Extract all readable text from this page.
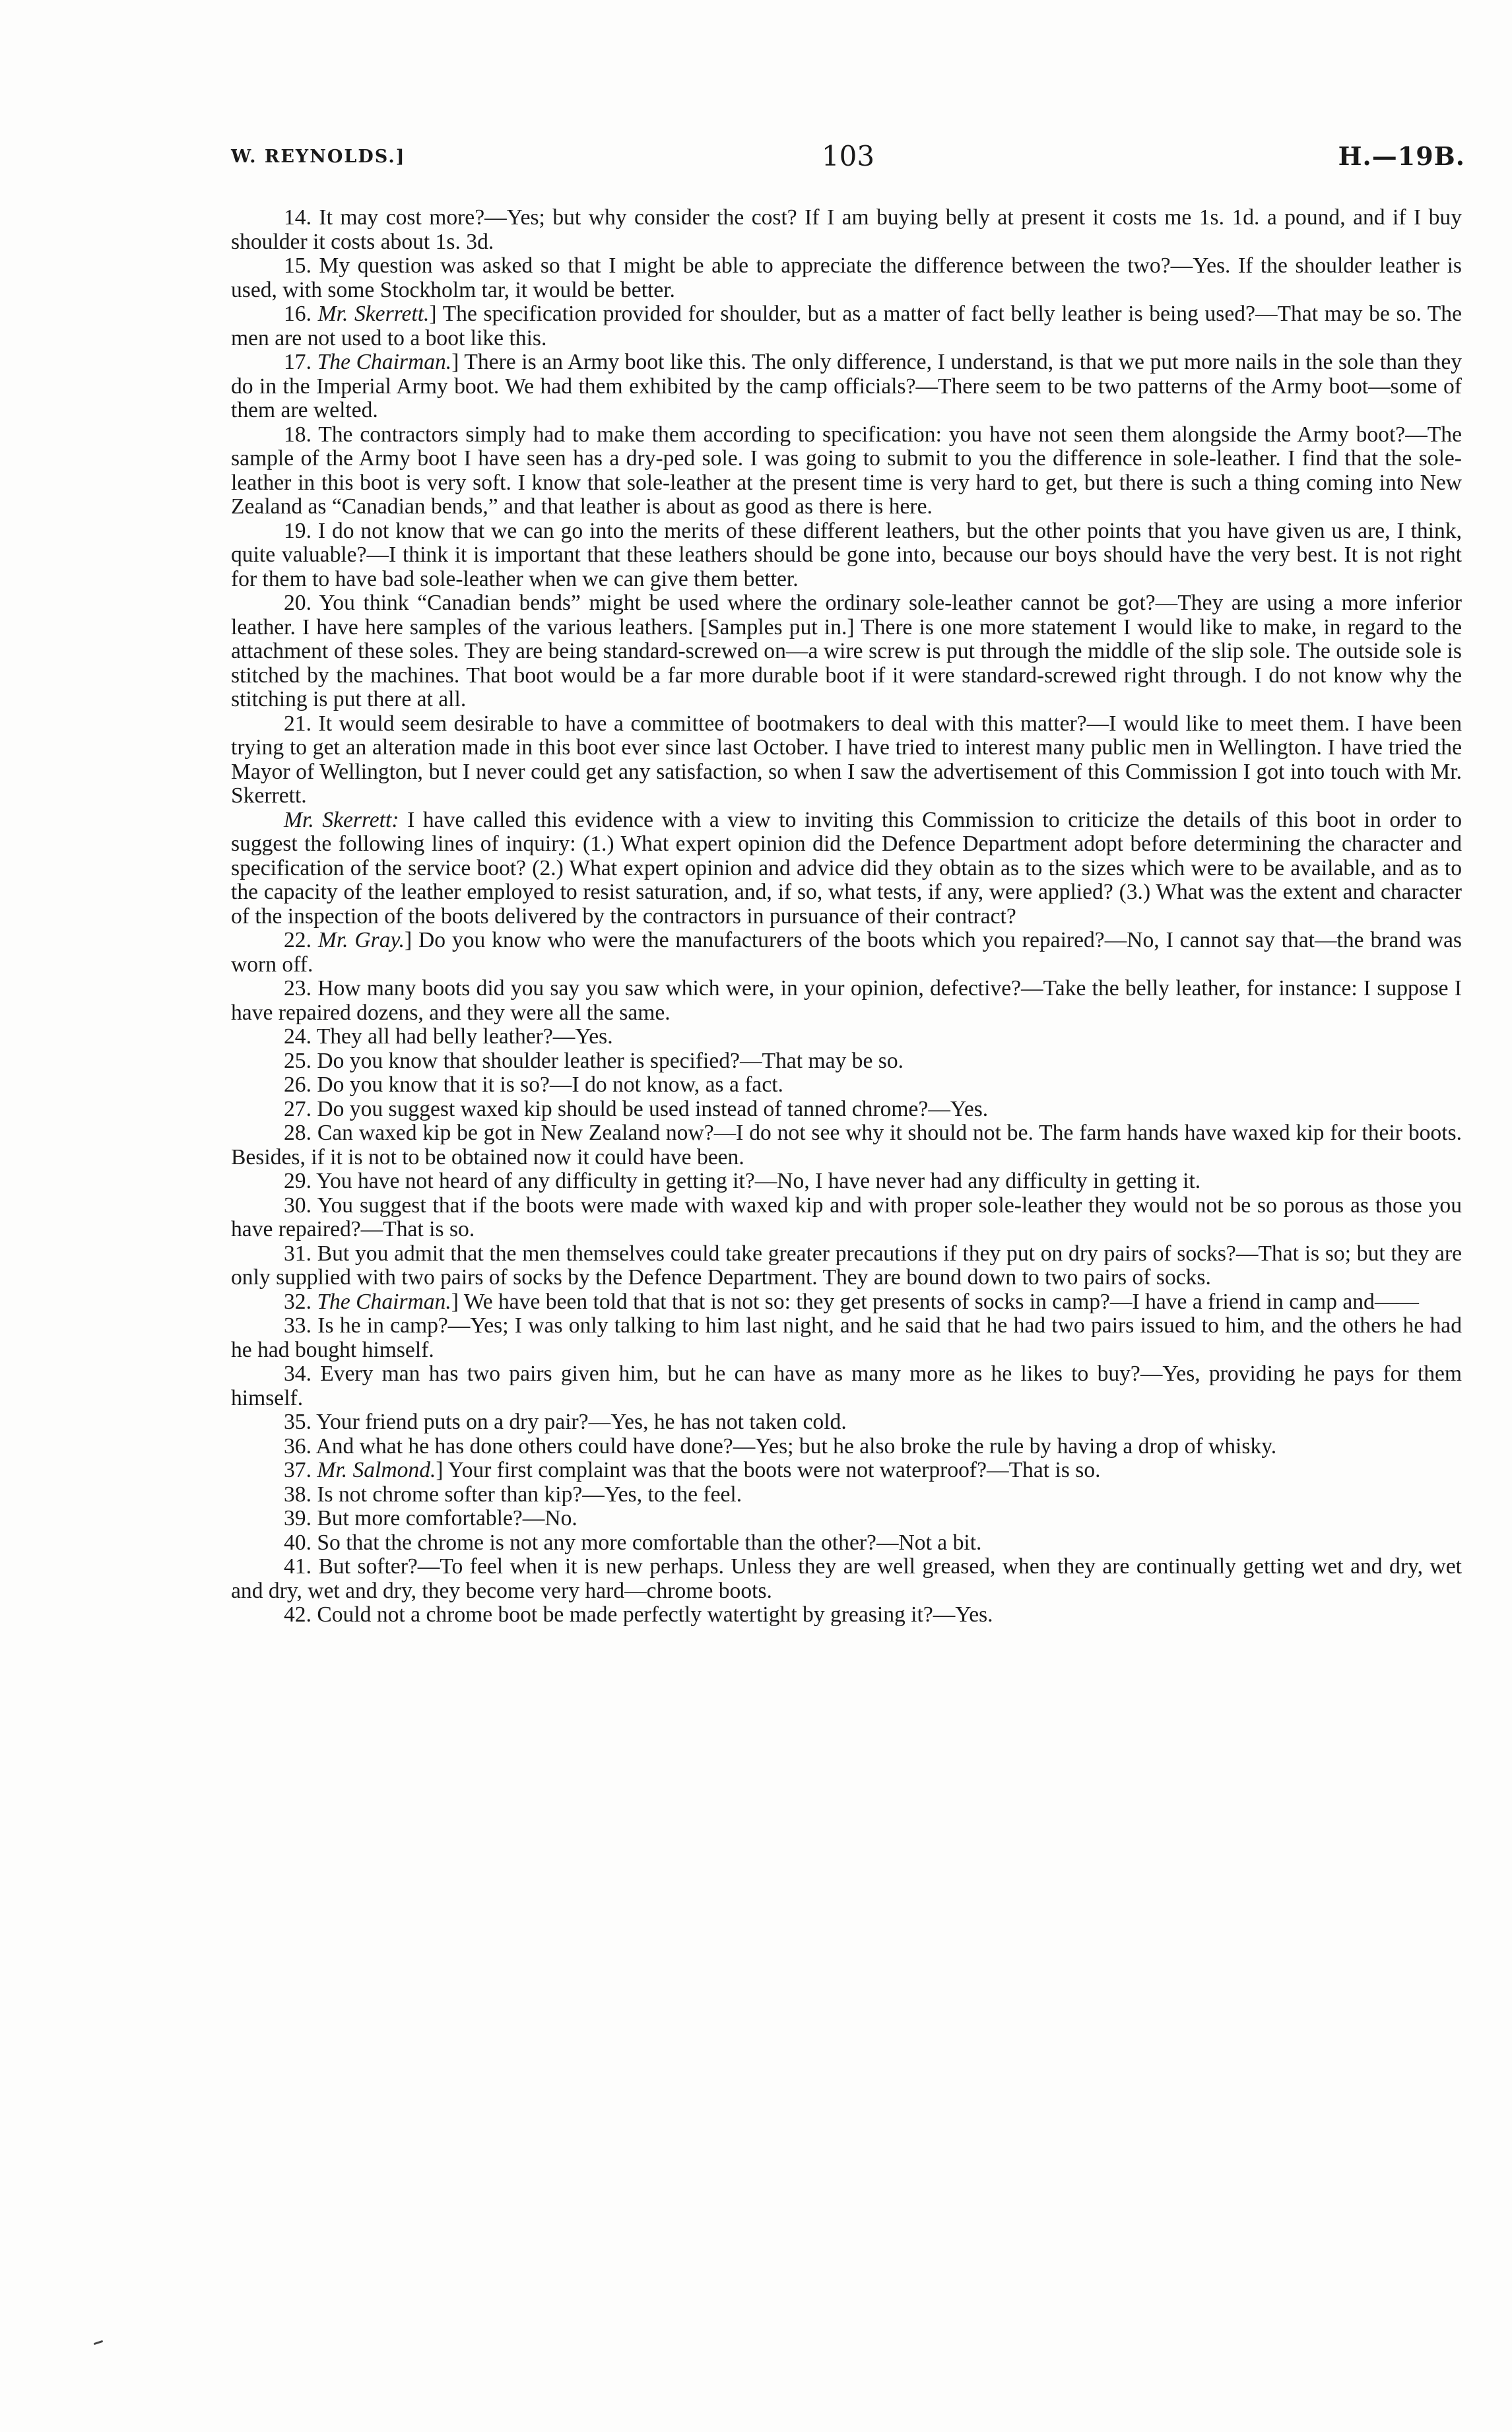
W. REYNOLDS.]	103	H.—19B.

14. It may cost more?—Yes; but why consider the cost? If I am buying belly at present it costs me 1s. 1d. a pound, and if I buy shoulder it costs about 1s. 3d.

15. My question was asked so that I might be able to appreciate the difference between the two?—Yes. If the shoulder leather is used, with some Stockholm tar, it would be better.

16. Mr. Skerrett.] The specification provided for shoulder, but as a matter of fact belly leather is being used?—That may be so. The men are not used to a boot like this.

17. The Chairman.] There is an Army boot like this. The only difference, I understand, is that we put more nails in the sole than they do in the Imperial Army boot. We had them exhibited by the camp officials?—There seem to be two patterns of the Army boot—some of them are welted.

18. The contractors simply had to make them according to specification: you have not seen them alongside the Army boot?—The sample of the Army boot I have seen has a dry-ped sole. I was going to submit to you the difference in sole-leather. I find that the sole-leather in this boot is very soft. I know that sole-leather at the present time is very hard to get, but there is such a thing coming into New Zealand as “Canadian bends,” and that leather is about as good as there is here.

19. I do not know that we can go into the merits of these different leathers, but the other points that you have given us are, I think, quite valuable?—I think it is important that these leathers should be gone into, because our boys should have the very best. It is not right for them to have bad sole-leather when we can give them better.

20. You think “Canadian bends” might be used where the ordinary sole-leather cannot be got?—They are using a more inferior leather. I have here samples of the various leathers. [Samples put in.] There is one more statement I would like to make, in regard to the attachment of these soles. They are being standard-screwed on—a wire screw is put through the middle of the slip sole. The outside sole is stitched by the machines. That boot would be a far more durable boot if it were standard-screwed right through. I do not know why the stitching is put there at all.

21. It would seem desirable to have a committee of bootmakers to deal with this matter?—I would like to meet them. I have been trying to get an alteration made in this boot ever since last October. I have tried to interest many public men in Wellington. I have tried the Mayor of Wellington, but I never could get any satisfaction, so when I saw the advertisement of this Commission I got into touch with Mr. Skerrett.

Mr. Skerrett: I have called this evidence with a view to inviting this Commission to criticize the details of this boot in order to suggest the following lines of inquiry: (1.) What expert opinion did the Defence Department adopt before determining the character and specification of the service boot? (2.) What expert opinion and advice did they obtain as to the sizes which were to be available, and as to the capacity of the leather employed to resist saturation, and, if so, what tests, if any, were applied? (3.) What was the extent and character of the inspection of the boots delivered by the contractors in pursuance of their contract?

22. Mr. Gray.] Do you know who were the manufacturers of the boots which you repaired?—No, I cannot say that—the brand was worn off.

23. How many boots did you say you saw which were, in your opinion, defective?—Take the belly leather, for instance: I suppose I have repaired dozens, and they were all the same.

24. They all had belly leather?—Yes.

25. Do you know that shoulder leather is specified?—That may be so.

26. Do you know that it is so?—I do not know, as a fact.

27. Do you suggest waxed kip should be used instead of tanned chrome?—Yes.

28. Can waxed kip be got in New Zealand now?—I do not see why it should not be. The farm hands have waxed kip for their boots. Besides, if it is not to be obtained now it could have been.

29. You have not heard of any difficulty in getting it?—No, I have never had any difficulty in getting it.

30. You suggest that if the boots were made with waxed kip and with proper sole-leather they would not be so porous as those you have repaired?—That is so.

31. But you admit that the men themselves could take greater precautions if they put on dry pairs of socks?—That is so; but they are only supplied with two pairs of socks by the Defence Department. They are bound down to two pairs of socks.

32. The Chairman.] We have been told that that is not so: they get presents of socks in camp?—I have a friend in camp and——

33. Is he in camp?—Yes; I was only talking to him last night, and he said that he had two pairs issued to him, and the others he had he had bought himself.

34. Every man has two pairs given him, but he can have as many more as he likes to buy?—Yes, providing he pays for them himself.

35. Your friend puts on a dry pair?—Yes, he has not taken cold.

36. And what he has done others could have done?—Yes; but he also broke the rule by having a drop of whisky.

37. Mr. Salmond.] Your first complaint was that the boots were not waterproof?—That is so.

38. Is not chrome softer than kip?—Yes, to the feel.

39. But more comfortable?—No.

40. So that the chrome is not any more comfortable than the other?—Not a bit.

41. But softer?—To feel when it is new perhaps. Unless they are well greased, when they are continually getting wet and dry, wet and dry, wet and dry, they become very hard—chrome boots.

42. Could not a chrome boot be made perfectly watertight by greasing it?—Yes.
